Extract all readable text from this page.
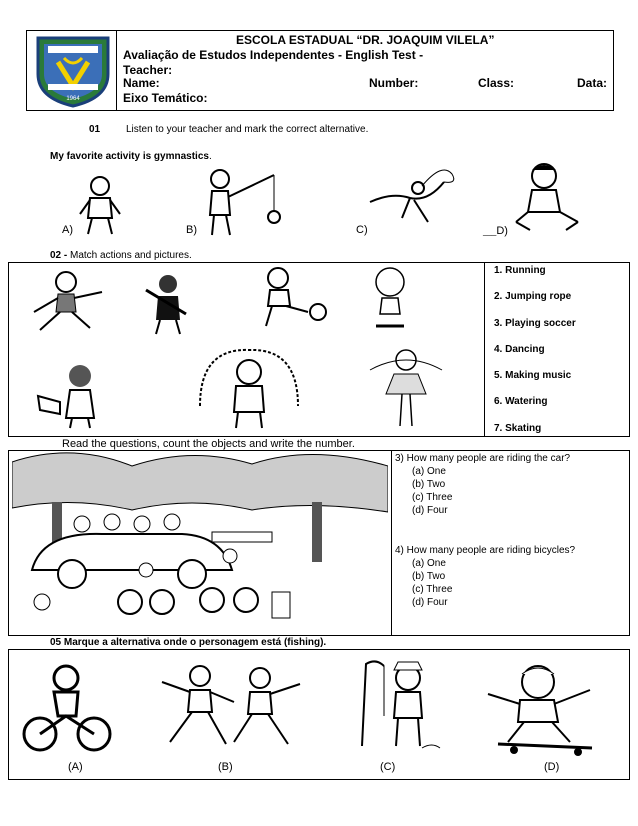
1964
ESCOLA ESTADUAL “DR. JOAQUIM VILELA”
Avaliação de Estudos Independentes - English Test -
Teacher:
Name:	Number:	Class:	Data:
Eixo Temático:
01	Listen to your teacher and mark the correct alternative.
My favorite activity is gymnastics.
A)	B)	C)	___D)
02 - Match actions and pictures.
1. Running
2. Jumping rope
3. Playing soccer
4. Dancing
5. Making music
6. Watering
7. Skating
Read the questions, count the objects and write the number.
3) How many people are riding the car?
(a) One
(b) Two
(c) Three
(d) Four
4) How many people are riding bicycles?
(a) One
(b) Two
(c) Three
(d) Four
05 Marque a alternativa onde o personagem está (fishing).
(A)	(B)	(C)	(D)
